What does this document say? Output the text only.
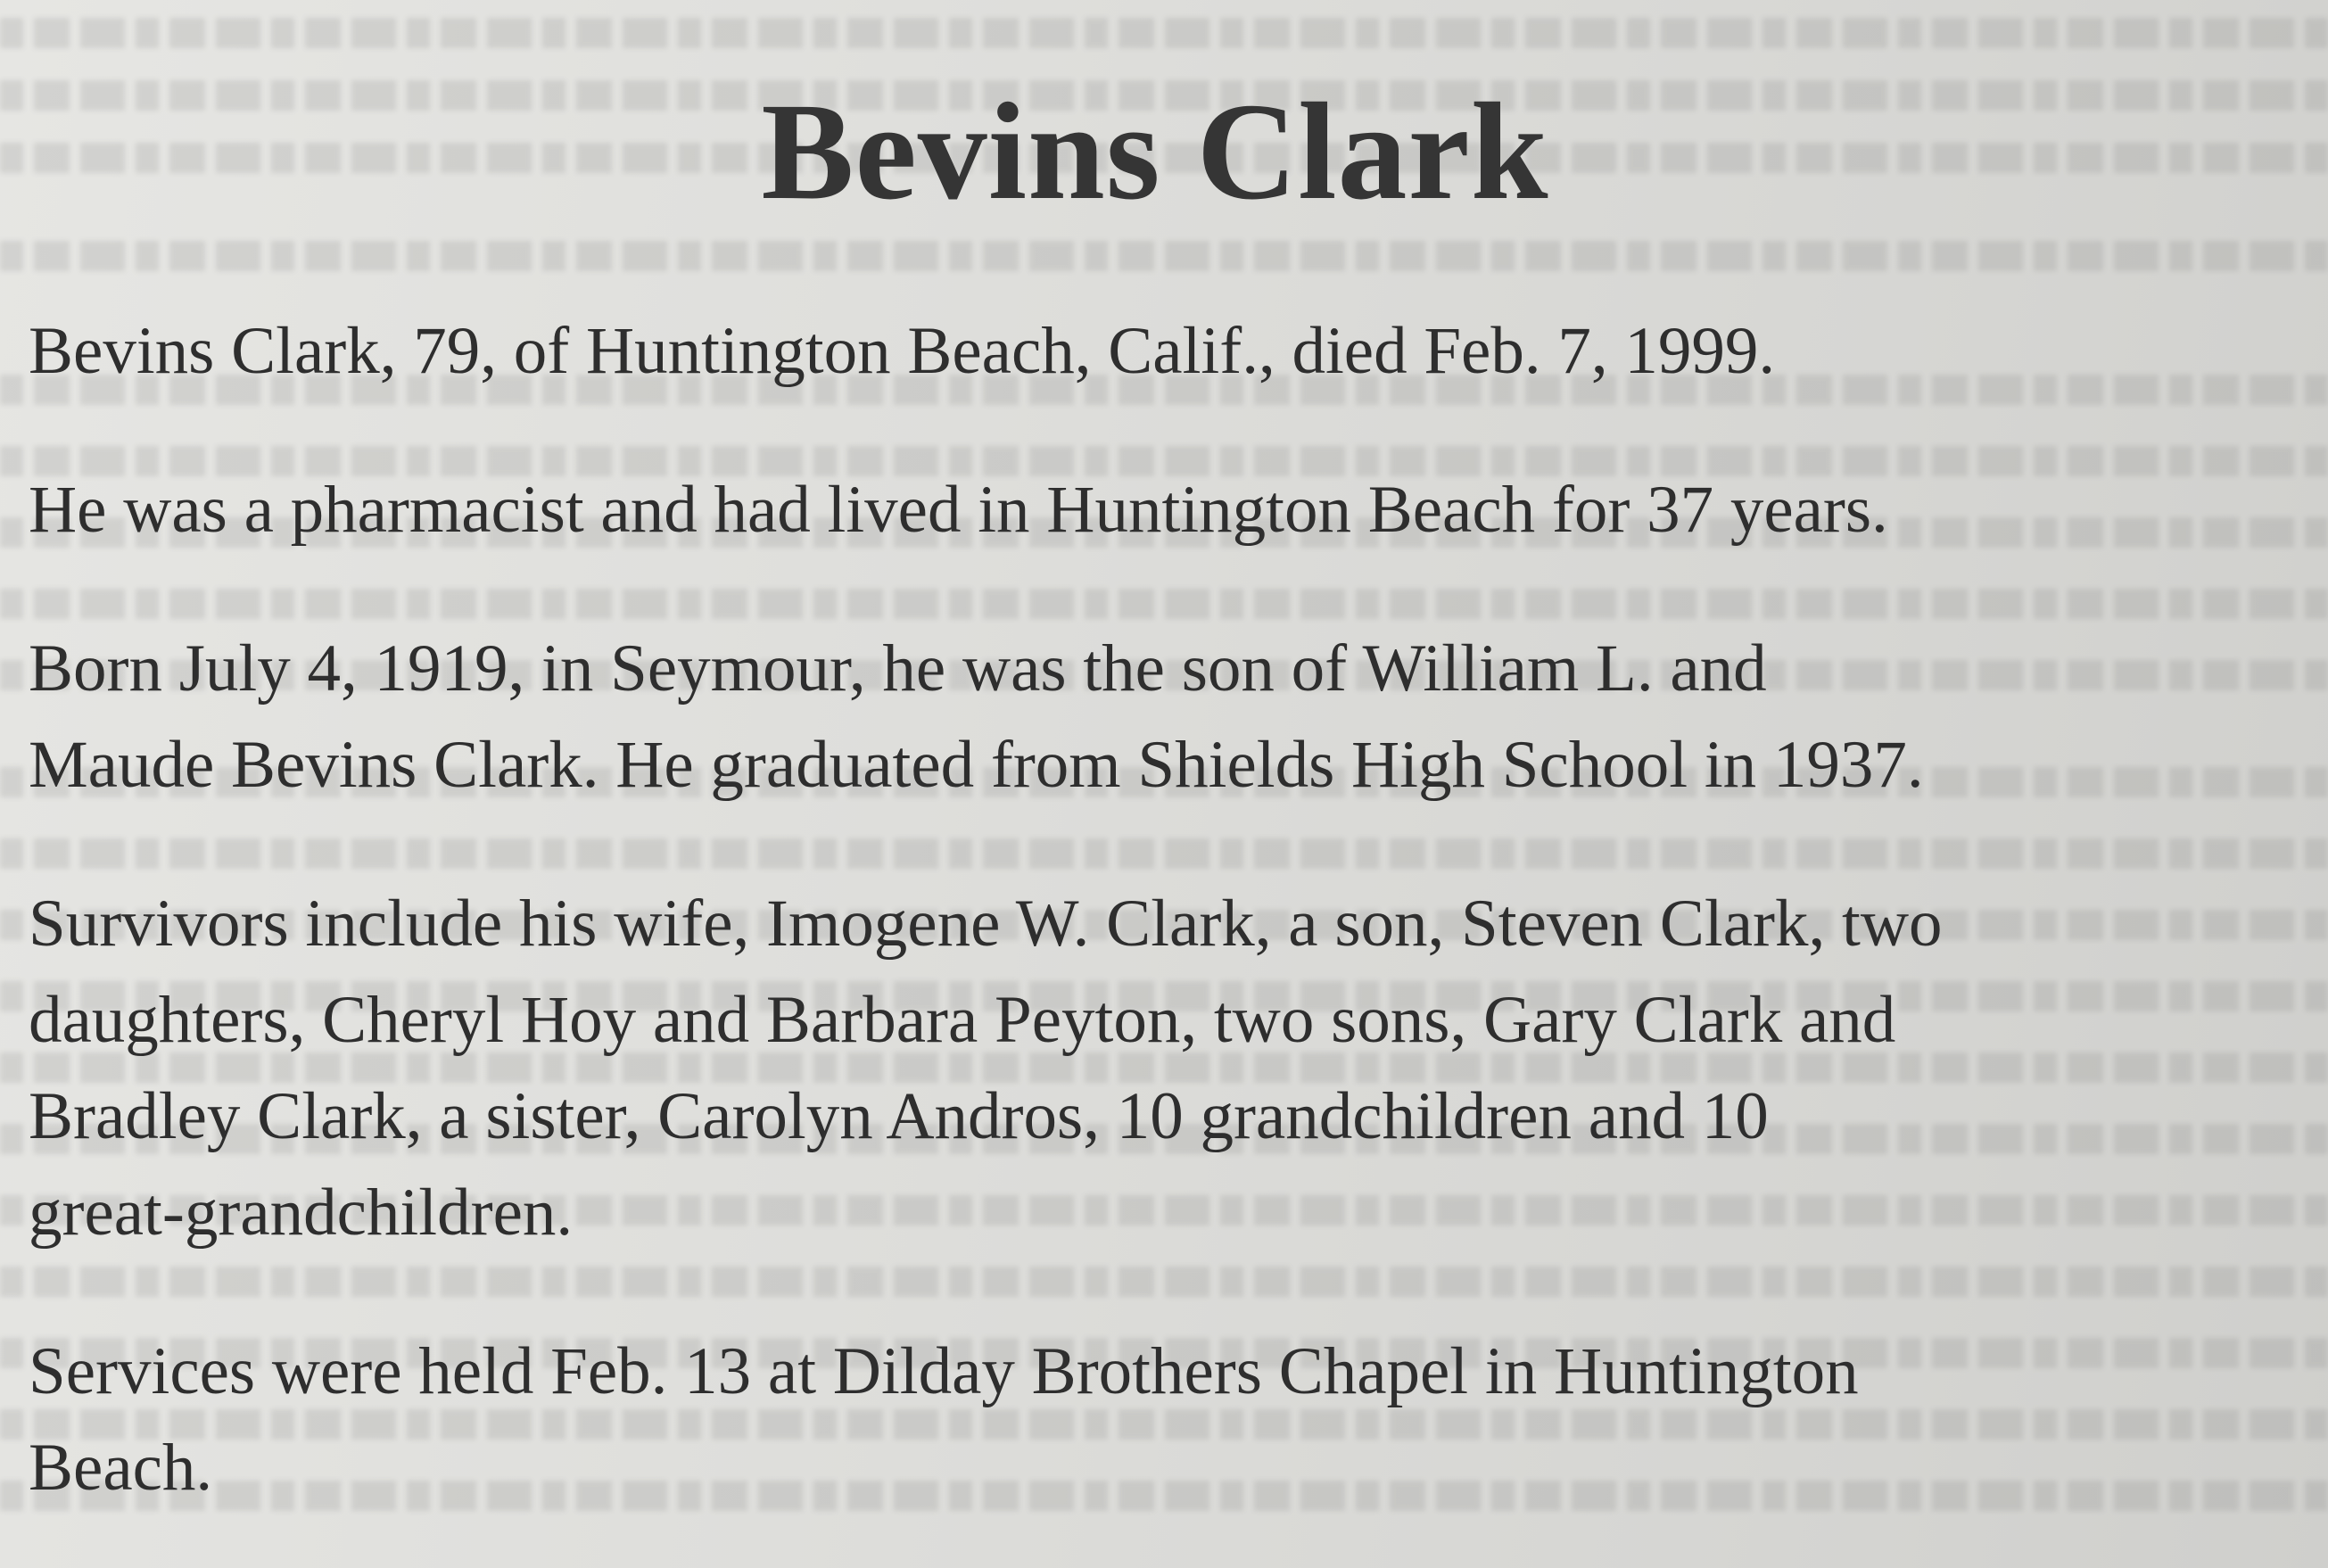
Bevins Clark

Bevins Clark, 79, of Huntington Beach, Calif., died Feb. 7, 1999.

He was a pharmacist and had lived in Huntington Beach for 37 years.

Born July 4, 1919, in Seymour, he was the son of William L. and
Maude Bevins Clark. He graduated from Shields High School in 1937.

Survivors include his wife, Imogene W. Clark, a son, Steven Clark, two
daughters, Cheryl Hoy and Barbara Peyton, two sons, Gary Clark and
Bradley Clark, a sister, Carolyn Andros, 10 grandchildren and 10
great-grandchildren.

Services were held Feb. 13 at Dilday Brothers Chapel in Huntington
Beach.
